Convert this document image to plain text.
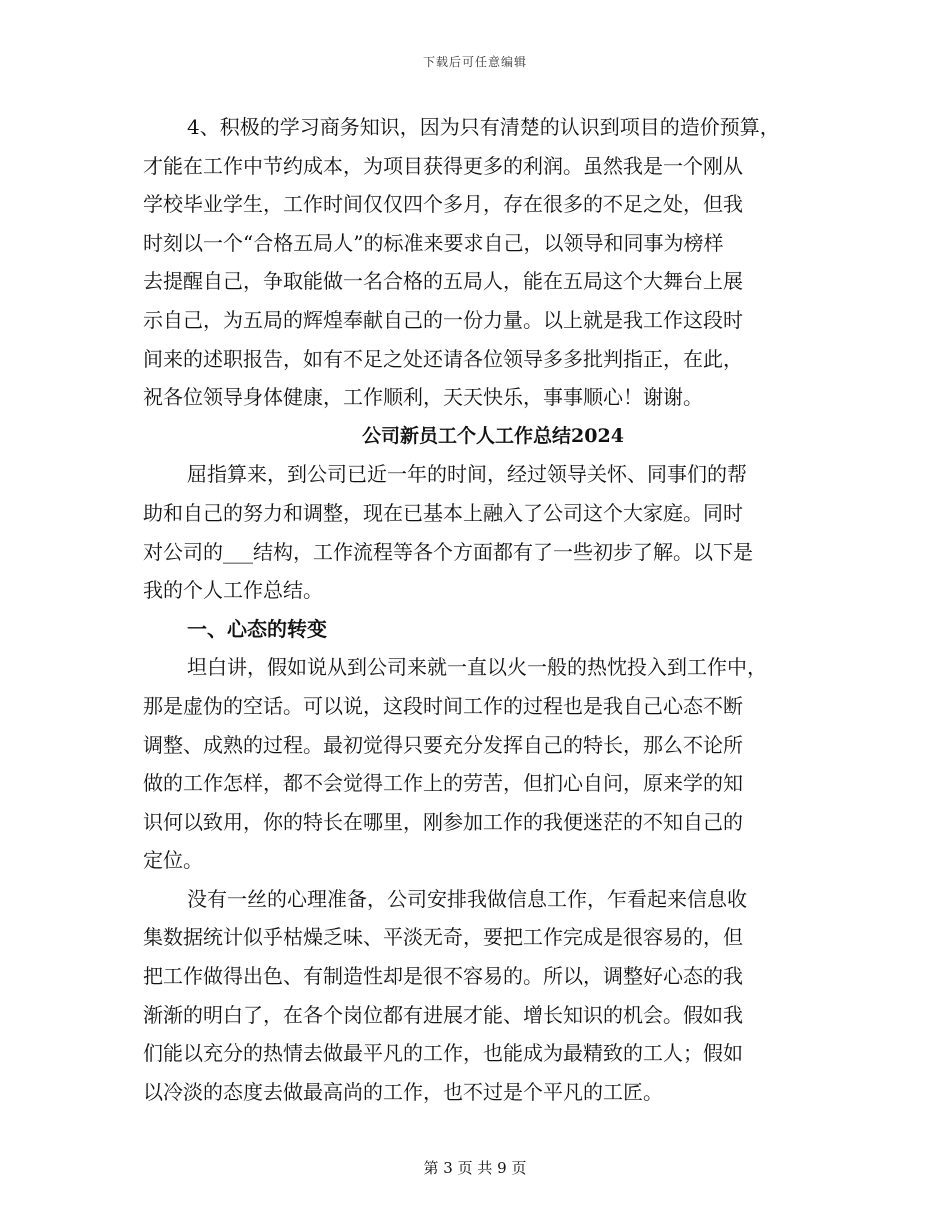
下载后可任意编辑
4、积极的学习商务知识，因为只有清楚的认识到项目的造价预算，
才能在工作中节约成本，为项目获得更多的利润。虽然我是一个刚从
学校毕业学生，工作时间仅仅四个多月，存在很多的不足之处，但我
时刻以一个“合格五局人”的标准来要求自己，以领导和同事为榜样
去提醒自己，争取能做一名合格的五局人，能在五局这个大舞台上展
示自己，为五局的辉煌奉献自己的一份力量。以上就是我工作这段时
间来的述职报告，如有不足之处还请各位领导多多批判指正，在此，
祝各位领导身体健康，工作顺利，天天快乐，事事顺心！谢谢。
公司新员工个人工作总结2024
屈指算来，到公司已近一年的时间，经过领导关怀、同事们的帮
助和自己的努力和调整，现在已基本上融入了公司这个大家庭。同时
对公司的___结构，工作流程等各个方面都有了一些初步了解。以下是
我的个人工作总结。
一、心态的转变
坦白讲，假如说从到公司来就一直以火一般的热忱投入到工作中，
那是虚伪的空话。可以说，这段时间工作的过程也是我自己心态不断
调整、成熟的过程。最初觉得只要充分发挥自己的特长，那么不论所
做的工作怎样，都不会觉得工作上的劳苦，但扪心自问，原来学的知
识何以致用，你的特长在哪里，刚参加工作的我便迷茫的不知自己的
定位。
没有一丝的心理准备，公司安排我做信息工作，乍看起来信息收
集数据统计似乎枯燥乏味、平淡无奇，要把工作完成是很容易的，但
把工作做得出色、有制造性却是很不容易的。所以，调整好心态的我
渐渐的明白了，在各个岗位都有进展才能、增长知识的机会。假如我
们能以充分的热情去做最平凡的工作，也能成为最精致的工人；假如
以冷淡的态度去做最高尚的工作，也不过是个平凡的工匠。
第 3 页 共 9 页
